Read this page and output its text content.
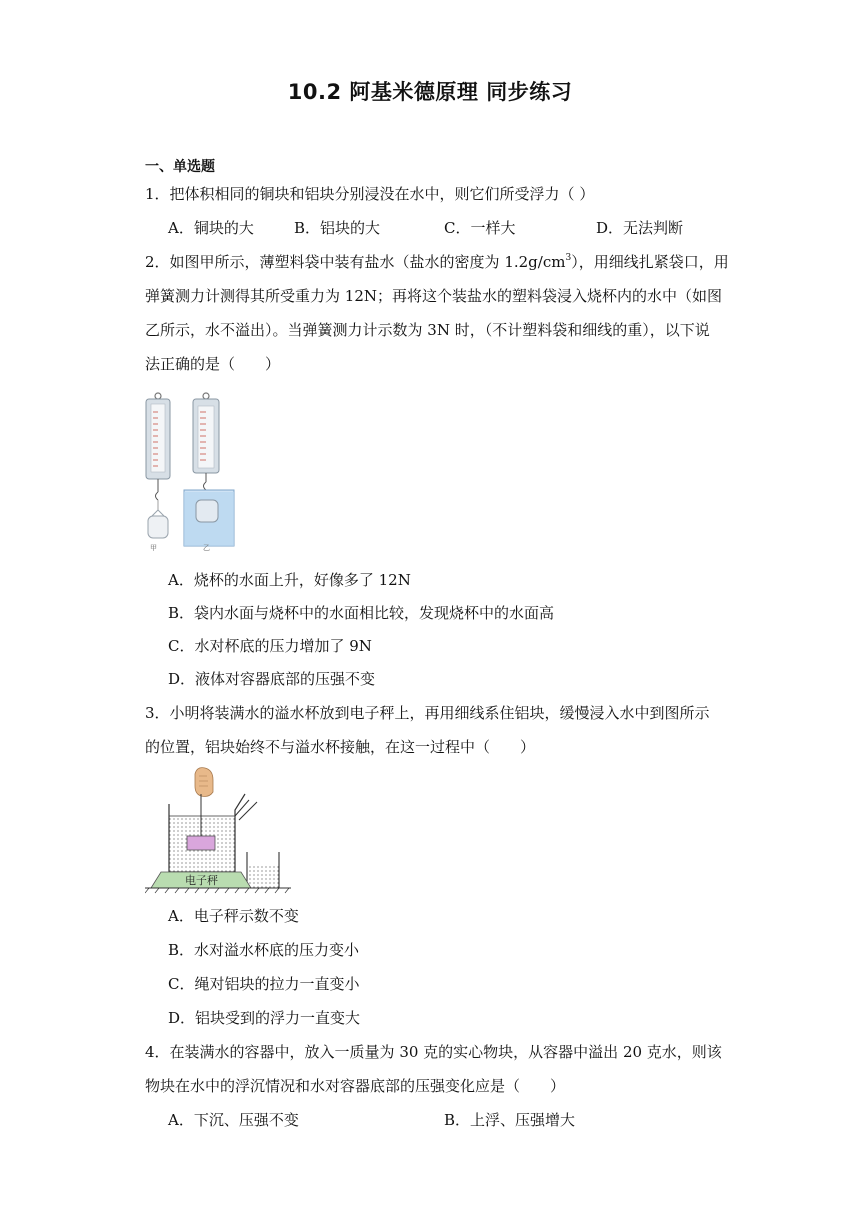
10.2 阿基米德原理 同步练习
一、单选题
1．把体积相同的铜块和铝块分别浸没在水中，则它们所受浮力（ ）
A．铜块的大	B．铝块的大	C．一样大	D．无法判断
2．如图甲所示，薄塑料袋中装有盐水（盐水的密度为 $1.2g/cm^3$），用细线扎紧袋口，用
弹簧测力计测得其所受重力为 12N；再将这个装盐水的塑料袋浸入烧杯内的水中（如图
乙所示，水不溢出）。当弹簧测力计示数为 3N 时，（不计塑料袋和细线的重），以下说
法正确的是（　　）
甲	乙
A．烧杯的水面上升，好像多了 12N
B．袋内水面与烧杯中的水面相比较，发现烧杯中的水面高
C．水对杯底的压力增加了 9N
D．液体对容器底部的压强不变
3．小明将装满水的溢水杯放到电子秤上，再用细线系住铝块，缓慢浸入水中到图所示
的位置，铝块始终不与溢水杯接触，在这一过程中（　　）
电子秤
A．电子秤示数不变
B．水对溢水杯底的压力变小
C．绳对铝块的拉力一直变小
D．铝块受到的浮力一直变大
4．在装满水的容器中，放入一质量为 30 克的实心物块，从容器中溢出 20 克水，则该
物块在水中的浮沉情况和水对容器底部的压强变化应是（　　）
A．下沉、压强不变	B．上浮、压强增大
